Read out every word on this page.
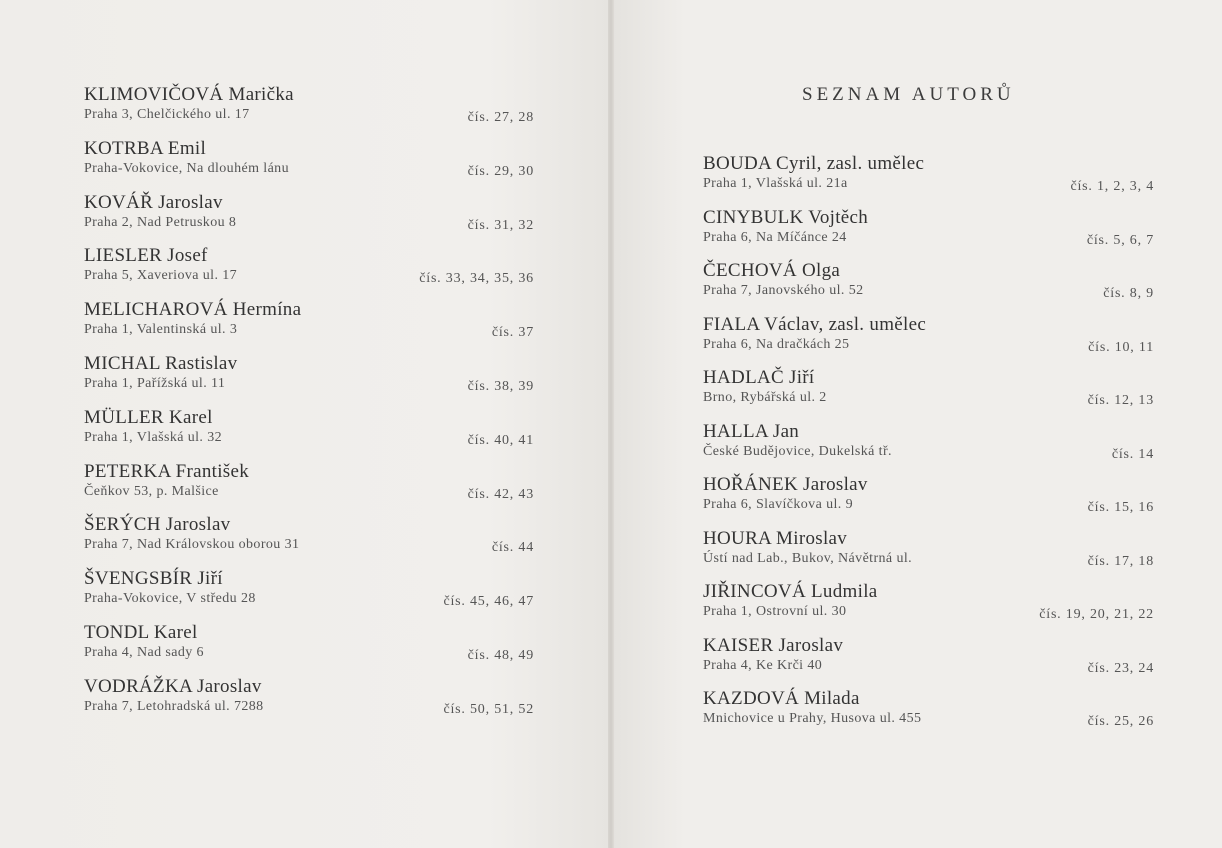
SEZNAM AUTORŮ
KLIMOVIČOVÁ Marička
Praha 3, Chelčického ul. 17	čís. 27, 28
KOTRBA Emil
Praha-Vokovice, Na dlouhém lánu	čís. 29, 30
KOVÁŘ Jaroslav
Praha 2, Nad Petruskou 8	čís. 31, 32
LIESLER Josef
Praha 5, Xaveriova ul. 17	čís. 33, 34, 35, 36
MELICHAROVÁ Hermína
Praha 1, Valentinská ul. 3	čís. 37
MICHAL Rastislav
Praha 1, Pařížská ul. 11	čís. 38, 39
MÜLLER Karel
Praha 1, Vlašská ul. 32	čís. 40, 41
PETERKA František
Čeňkov 53, p. Malšice	čís. 42, 43
ŠERÝCH Jaroslav
Praha 7, Nad Královskou oborou 31	čís. 44
ŠVENGSBÍR Jiří
Praha-Vokovice, V středu 28	čís. 45, 46, 47
TONDL Karel
Praha 4, Nad sady 6	čís. 48, 49
VODRÁŽKA Jaroslav
Praha 7, Letohradská ul. 7288	čís. 50, 51, 52
BOUDA Cyril, zasl. umělec
Praha 1, Vlašská ul. 21a	čís. 1, 2, 3, 4
CINYBULK Vojtěch
Praha 6, Na Míčánce 24	čís. 5, 6, 7
ČECHOVÁ Olga
Praha 7, Janovského ul. 52	čís. 8, 9
FIALA Václav, zasl. umělec
Praha 6, Na dračkách 25	čís. 10, 11
HADLAČ Jiří
Brno, Rybářská ul. 2	čís. 12, 13
HALLA Jan
České Budějovice, Dukelská tř.	čís. 14
HOŘÁNEK Jaroslav
Praha 6, Slavíčkova ul. 9	čís. 15, 16
HOURA Miroslav
Ústí nad Lab., Bukov, Návětrná ul.	čís. 17, 18
JIŘINCOVÁ Ludmila
Praha 1, Ostrovní ul. 30	čís. 19, 20, 21, 22
KAISER Jaroslav
Praha 4, Ke Krči 40	čís. 23, 24
KAZDOVÁ Milada
Mnichovice u Prahy, Husova ul. 455	čís. 25, 26
